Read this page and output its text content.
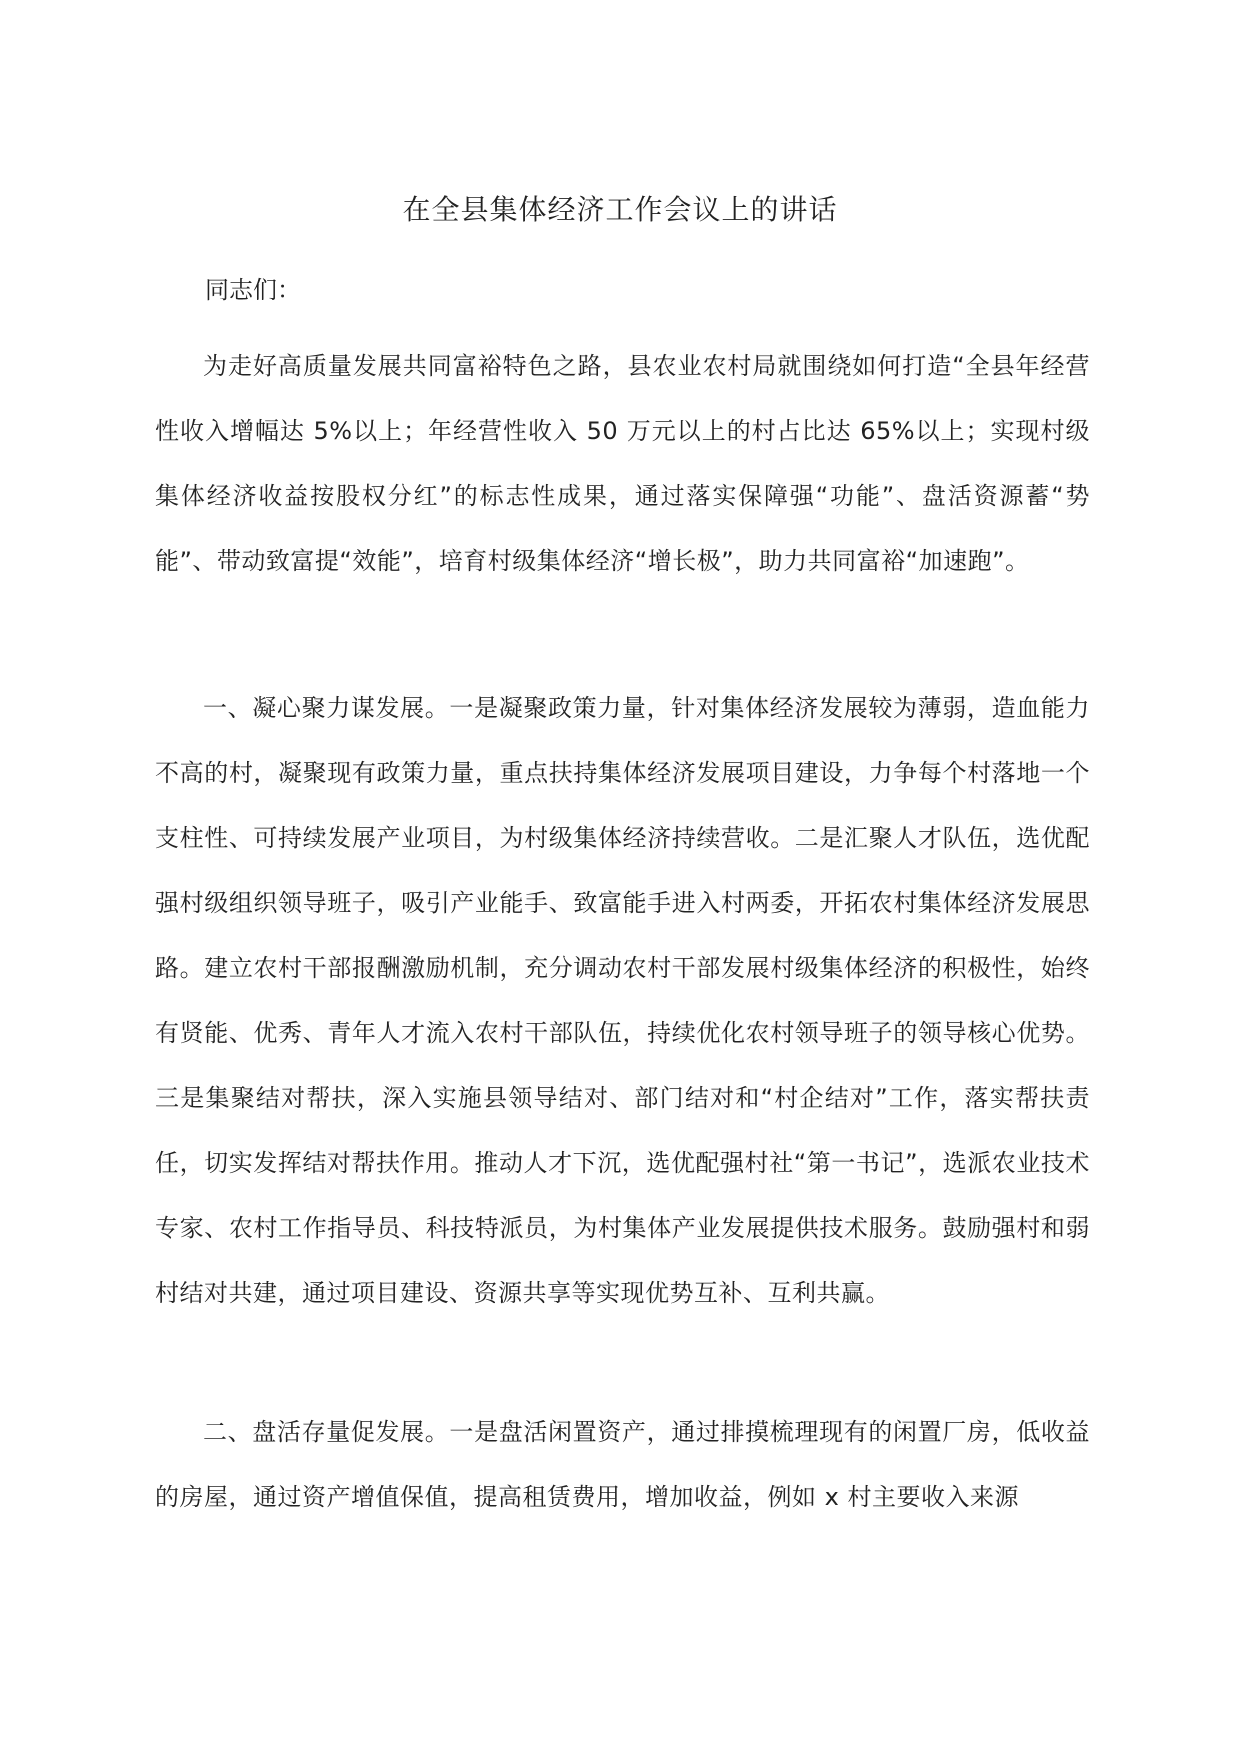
在全县集体经济工作会议上的讲话

同志们：

为走好高质量发展共同富裕特色之路，县农业农村局就围绕如何打造“全县年经营性收入增幅达 5%以上；年经营性收入 50 万元以上的村占比达 65%以上；实现村级集体经济收益按股权分红”的标志性成果，通过落实保障强“功能”、盘活资源蓄“势能”、带动致富提“效能”，培育村级集体经济“增长极”，助力共同富裕“加速跑”。

一、凝心聚力谋发展。一是凝聚政策力量，针对集体经济发展较为薄弱，造血能力不高的村，凝聚现有政策力量，重点扶持集体经济发展项目建设，力争每个村落地一个支柱性、可持续发展产业项目，为村级集体经济持续营收。二是汇聚人才队伍，选优配强村级组织领导班子，吸引产业能手、致富能手进入村两委，开拓农村集体经济发展思路。建立农村干部报酬激励机制，充分调动农村干部发展村级集体经济的积极性，始终有贤能、优秀、青年人才流入农村干部队伍，持续优化农村领导班子的领导核心优势。三是集聚结对帮扶，深入实施县领导结对、部门结对和“村企结对”工作，落实帮扶责任，切实发挥结对帮扶作用。推动人才下沉，选优配强村社“第一书记”，选派农业技术专家、农村工作指导员、科技特派员，为村集体产业发展提供技术服务。鼓励强村和弱村结对共建，通过项目建设、资源共享等实现优势互补、互利共赢。

二、盘活存量促发展。一是盘活闲置资产，通过排摸梳理现有的闲置厂房，低收益的房屋，通过资产增值保值，提高租赁费用，增加收益，例如 x 村主要收入来源
